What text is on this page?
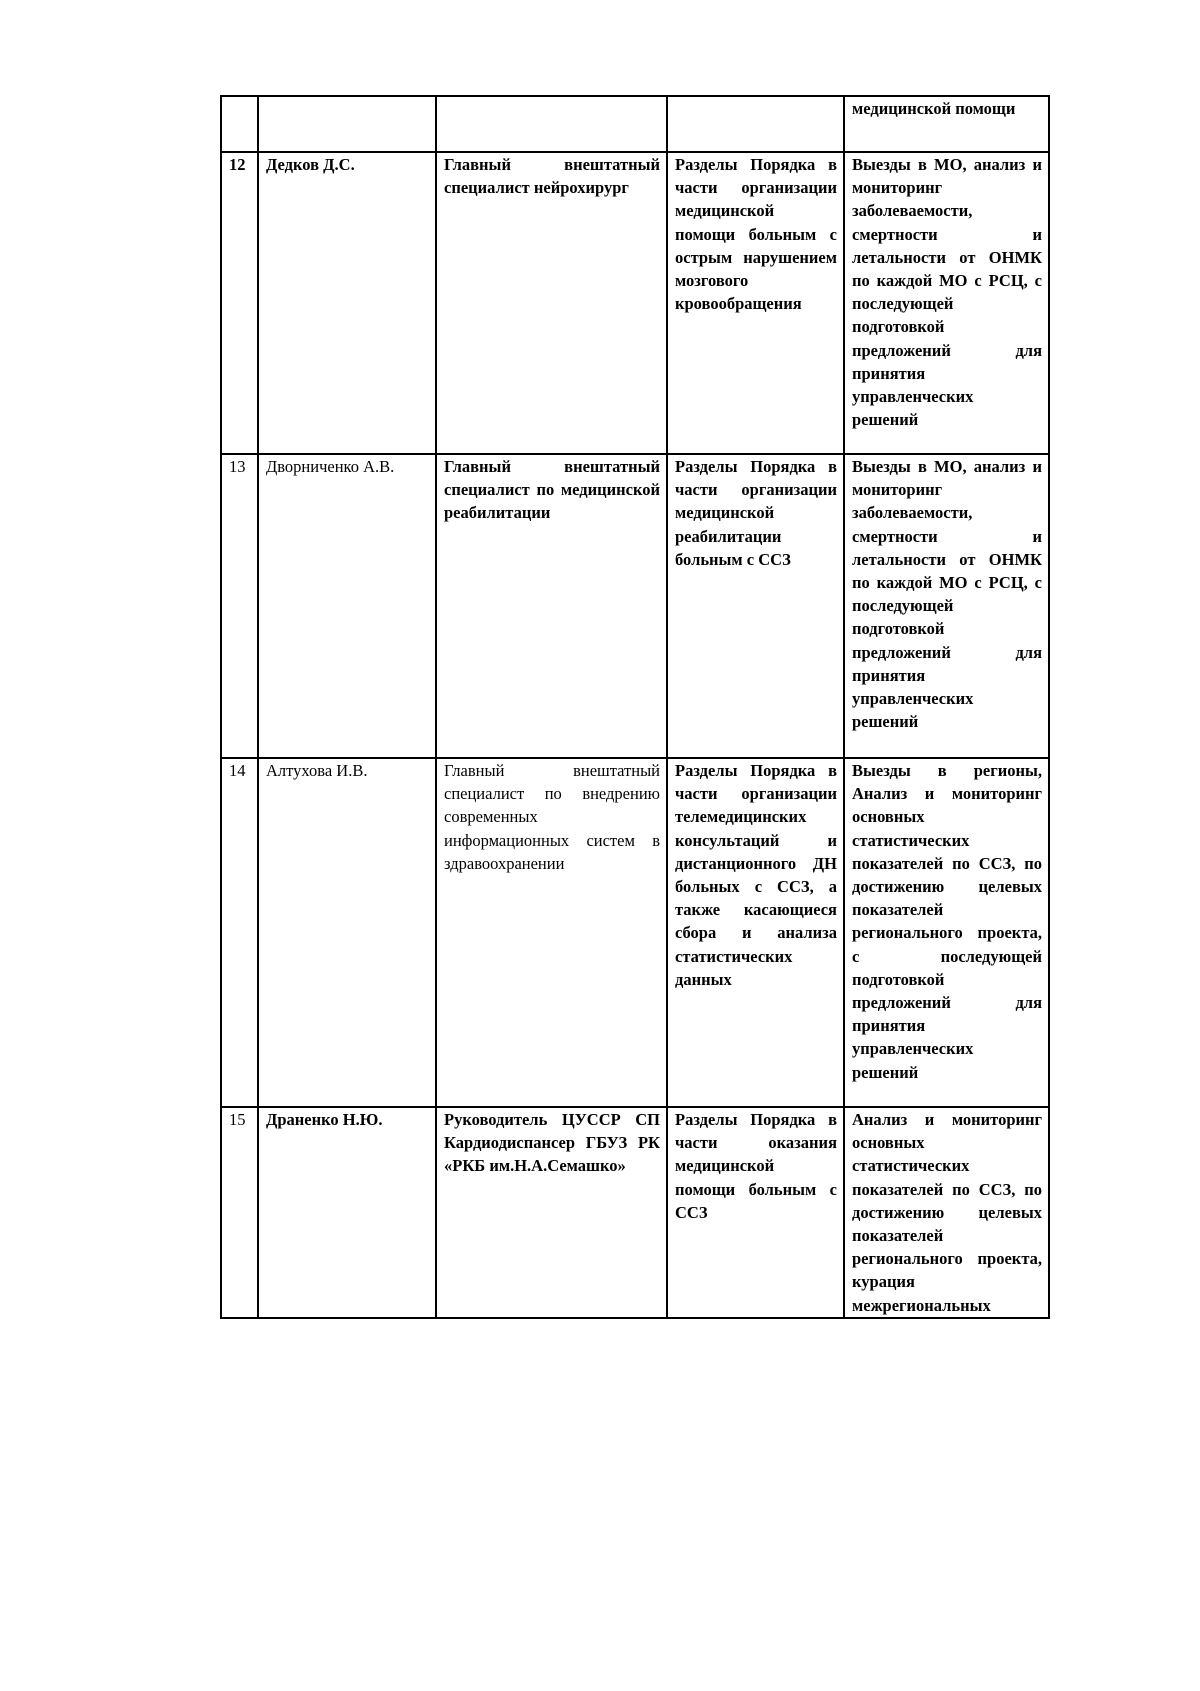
				медицинской помощи
12	Дедков Д.С.	Главный внештатный специалист нейрохирург	Разделы Порядка в части организации медицинской помощи больным с острым нарушением мозгового кровообращения	Выезды в МО, анализ и мониторинг заболеваемости, смертности и летальности от ОНМК по каждой МО с РСЦ, с последующей подготовкой предложений для принятия управленческих решений
13	Дворниченко А.В.	Главный внештатный специалист по медицинской реабилитации	Разделы Порядка в части организации медицинской реабилитации больным с ССЗ	Выезды в МО, анализ и мониторинг заболеваемости, смертности и летальности от ОНМК по каждой МО с РСЦ, с последующей подготовкой предложений для принятия управленческих решений
14	Алтухова И.В.	Главный внештатный специалист по внедрению современных информационных систем в здравоохранении	Разделы Порядка в части организации телемедицинских консультаций и дистанционного ДН больных с ССЗ, а также касающиеся сбора и анализа статистических данных	Выезды в регионы, Анализ и мониторинг основных статистических показателей по ССЗ, по достижению целевых показателей регионального проекта, с последующей подготовкой предложений для принятия управленческих решений
15	Драненко Н.Ю.	Руководитель ЦУССР СП Кардиодиспансер ГБУЗ РК «РКБ им.Н.А.Семашко»	Разделы Порядка в части оказания медицинской помощи больным с ССЗ	Анализ и мониторинг основных статистических показателей по ССЗ, по достижению целевых показателей регионального проекта, курация межрегиональных
